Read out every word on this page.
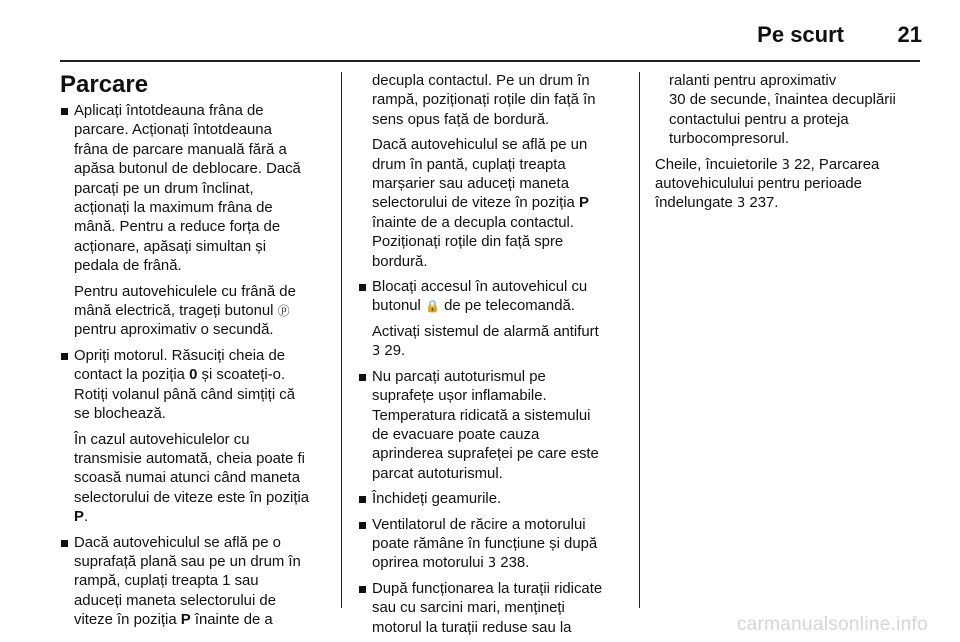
Pe scurt 21
Parcare
Aplicați întotdeauna frâna de
parcare. Acționați întotdeauna
frâna de parcare manuală fără a
apăsa butonul de deblocare. Dacă
parcați pe un drum înclinat,
acționați la maximum frâna de
mână. Pentru a reduce forța de
acționare, apăsați simultan și
pedala de frână.
Pentru autovehiculele cu frână de
mână electrică, trageți butonul ⓟ
pentru aproximativ o secundă.
Opriți motorul. Răsuciți cheia de
contact la poziția 0 și scoateți-o.
Rotiți volanul până când simțiți că
se blochează.
În cazul autovehiculelor cu
transmisie automată, cheia poate fi
scoasă numai atunci când maneta
selectorului de viteze este în poziția
P.
Dacă autovehiculul se află pe o
suprafață plană sau pe un drum în
rampă, cuplați treapta 1 sau
aduceți maneta selectorului de
viteze în poziția P înainte de a
decupla contactul. Pe un drum în
rampă, poziționați roțile din față în
sens opus față de bordură.
Dacă autovehiculul se află pe un
drum în pantă, cuplați treapta
marșarier sau aduceți maneta
selectorului de viteze în poziția P
înainte de a decupla contactul.
Poziționați roțile din față spre
bordură.
Blocați accesul în autovehicul cu
butonul 🔒 de pe telecomandă.
Activați sistemul de alarmă antifurt
3 29.
Nu parcați autoturismul pe
suprafețe ușor inflamabile.
Temperatura ridicată a sistemului
de evacuare poate cauza
aprinderea suprafeței pe care este
parcat autoturismul.
Închideți geamurile.
Ventilatorul de răcire a motorului
poate rămâne în funcțiune și după
oprirea motorului 3 238.
După funcționarea la turații ridicate
sau cu sarcini mari, mențineți
motorul la turații reduse sau la
ralanti pentru aproximativ
30 de secunde, înaintea decuplării
contactului pentru a proteja
turbocompresorul.
Cheile, încuietorile 3 22, Parcarea
autovehiculului pentru perioade
îndelungate 3 237.
carmanualsonline.info
